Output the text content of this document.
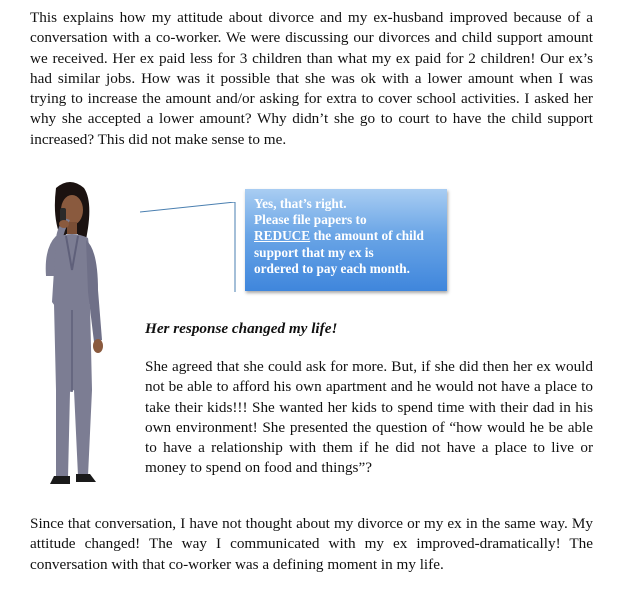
This explains how my attitude about divorce and my ex-husband improved because of a conversation with a co-worker. We were discussing our divorces and child support amount we received. Her ex paid less for 3 children than what my ex paid for 2 children! Our ex’s had similar jobs. How was it possible that she was ok with a lower amount when I was trying to increase the amount and/or asking for extra to cover school activities. I asked her why she accepted a lower amount? Why didn’t she go to court to have the child support increased? This did not make sense to me.

Yes, that’s right.
Please file papers to
REDUCE the amount of child
support that my ex is
ordered to pay each month.

Her response changed my life!

She agreed that she could ask for more. But, if she did then her ex would not be able to afford his own apartment and he would not have a place to take their kids!!! She wanted her kids to spend time with their dad in his own environment! She presented the question of “how would he be able to have a relationship with them if he did not have a place to live or money to spend on food and things”?

Since that conversation, I have not thought about my divorce or my ex in the same way. My attitude changed! The way I communicated with my ex improved-dramatically! The conversation with that co-worker was a defining moment in my life.
